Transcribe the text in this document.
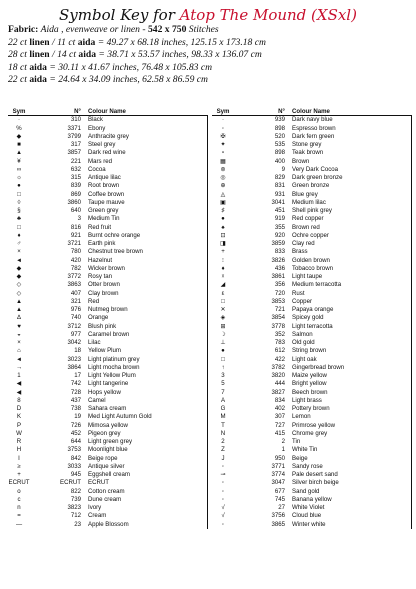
Symbol Key for Atop The Mound (XSxl)
Fabric: Aida , evenweave or linen - 542 x 750 Stitches
22 ct linen / 11 ct aida = 49.27 x 68.18 inches, 125.15 x 173.18 cm
28 ct linen / 14 ct aida = 38.71 x 53.57 inches, 98.33 x 136.07 cm
18 ct aida = 30.11 x 41.67 inches, 76.48 x 105.83 cm
22 ct aida = 24.64 x 34.09 inches, 62.58 x 86.59 cm
Sym	N° Colour Name
·	310 Black
%	3371 Ebony
◆	3799 Anthracite grey
■	317 Steel grey
▲	3857 Dark red wine
¥	221 Mars red
∞	632 Cocoa
☼	315 Antique lilac
●	839 Root brown
□	869 Coffee brown
◊	3860 Taupe mauve
§	640 Green grey
♣	3 Medium Tin
□	816 Red fruit
♦	921 Burnt ochre orange
♂	3721 Earth pink
×	780 Chestnut tree brown
◄	420 Hazelnut
◆	782 Wicker brown
◆	3772 Rosy tan
◇	3863 Otter brown
◇	407 Clay brown
▲	321 Red
▲	976 Nutmeg brown
∆	740 Orange
♥	3712 Blush pink
◒	977 Caramel brown
×	3042 Lilac
⌂	18 Yellow Plum
◄	3023 Light platinum grey
→	3864 Light mocha brown
1	17 Light Yellow Plum
◀	742 Light tangerine
◀	728 Hops yellow
8	437 Camel
D	738 Sahara cream
K	19 Med Light Autumn Gold
P	726 Mimosa yellow
W	452 Pigeon grey
R	644 Light green grey
H	3753 Moonlight blue
I	842 Beige rope
≥	3033 Antique silver
+	945 Eggshell cream
ECRUT	ECRUT ECRUT
o	822 Cotton cream
c	739 Dune cream
n	3823 Ivory
=	712 Cream
—	23 Apple Blossom
Sym	N° Colour Name
·	939 Dark navy blue
◦	898 Espresso brown
✠	520 Dark fern green
✦	535 Stone grey
⋆	898 Teak brown
▦	400 Brown
⊚	9 Very Dark Cocoa
◎	829 Dark green bronze
⊕	831 Green bronze
◬	931 Blue grey
▣	3041 Medium lilac
♯	451 Shell pink grey
●	919 Red copper
♠	355 Brown red
⊡	920 Ochre copper
◨	3859 Clay red
+	833 Brass
⁝	3826 Golden brown
♦	436 Tobacco brown
☓	3861 Light taupe
◢	356 Medium terracotta
ε	720 Rust
□	3853 Copper
✕	721 Papaya orange
◈	3854 Spicey gold
⊞	3778 Light terracotta
☽	352 Salmon
⊥	783 Old gold
●	612 String brown
□	422 Light oak
↑	3782 Gingerbread brown
3	3820 Maize yellow
5	444 Bright yellow
7	3827 Beech brown
A	834 Light brass
G	402 Pottery brown
M	307 Lemon
T	727 Primrose yellow
N	415 Chrome grey
2	2 Tin
Z	1 White Tin
J	950 Beige
◦	3771 Sandy rose
⊸	3774 Pale desert sand
◦	3047 Silver birch beige
◦	677 Sand gold
◦	745 Banana yellow
√	27 White Violet
√	3756 Cloud blue
◦	3865 Winter white
